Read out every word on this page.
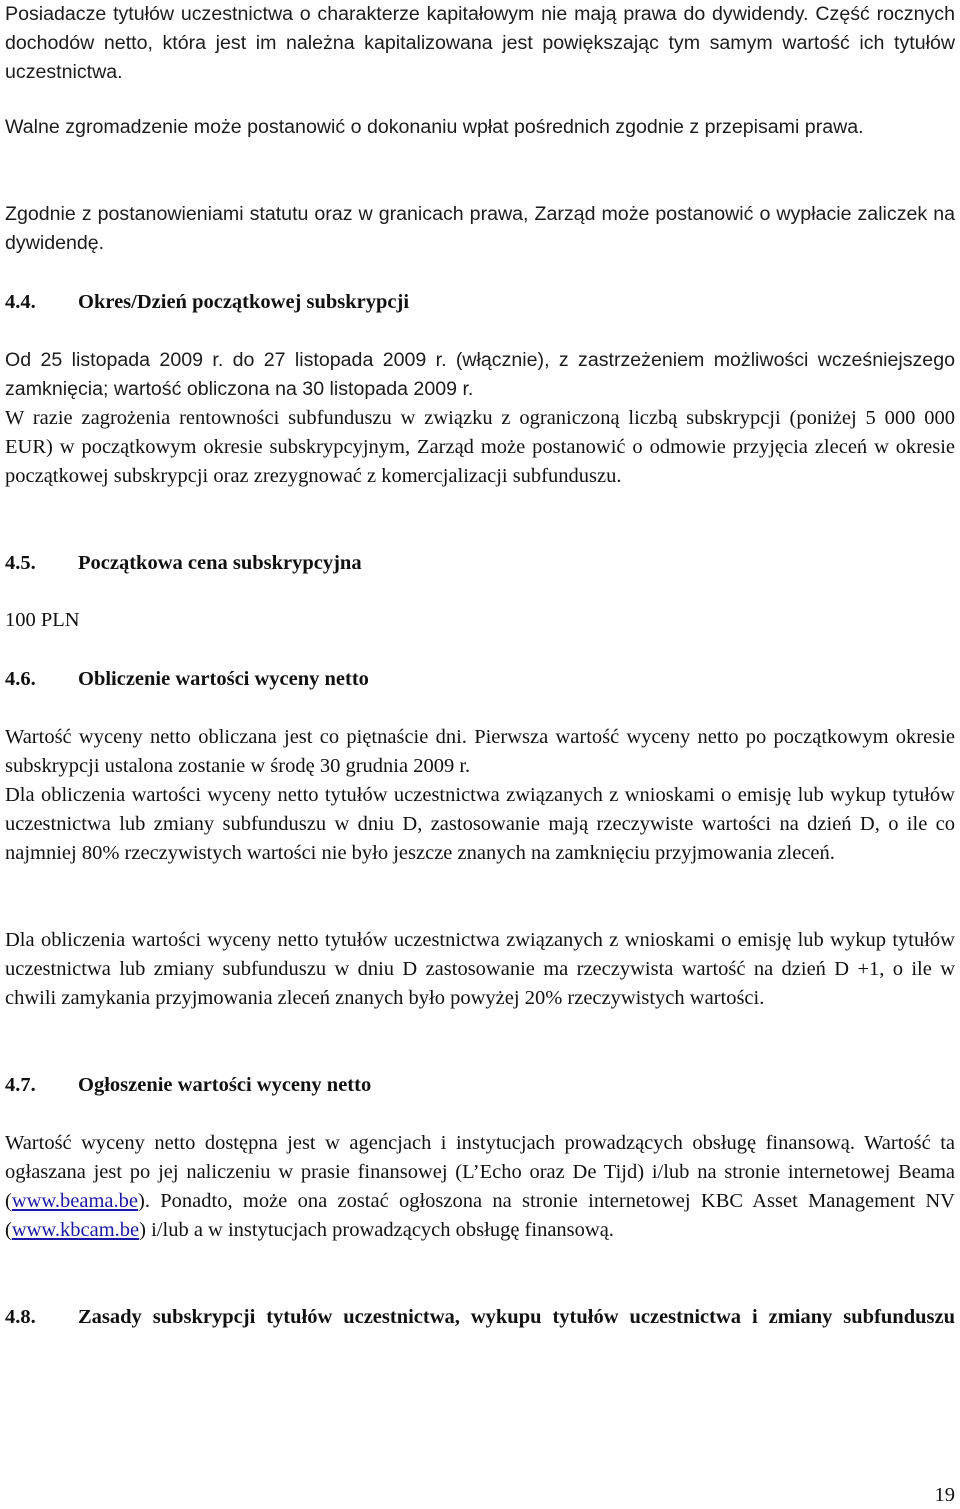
Posiadacze tytułów uczestnictwa o charakterze kapitałowym nie mają prawa do dywidendy. Część rocznych dochodów netto, która jest im należna kapitalizowana jest powiększając tym samym wartość ich tytułów uczestnictwa.

Walne zgromadzenie może postanowić o dokonaniu wpłat pośrednich zgodnie z przepisami prawa.

Zgodnie z postanowieniami statutu oraz w granicach prawa, Zarząd może postanowić o wypłacie zaliczek na dywidendę.

4.4. Okres/Dzień początkowej subskrypcji

Od 25 listopada 2009 r. do 27 listopada 2009 r. (włącznie), z zastrzeżeniem możliwości wcześniejszego zamknięcia; wartość obliczona na 30 listopada 2009 r.

W razie zagrożenia rentowności subfunduszu w związku z ograniczoną liczbą subskrypcji (poniżej 5 000 000 EUR) w początkowym okresie subskrypcyjnym, Zarząd może postanowić o odmowie przyjęcia zleceń w okresie początkowej subskrypcji oraz zrezygnować z komercjalizacji subfunduszu.

4.5. Początkowa cena subskrypcyjna

100 PLN

4.6. Obliczenie wartości wyceny netto

Wartość wyceny netto obliczana jest co piętnaście dni. Pierwsza wartość wyceny netto po początkowym okresie subskrypcji ustalona zostanie w środę 30 grudnia 2009 r.

Dla obliczenia wartości wyceny netto tytułów uczestnictwa związanych z wnioskami o emisję lub wykup tytułów uczestnictwa lub zmiany subfunduszu w dniu D, zastosowanie mają rzeczywiste wartości na dzień D, o ile co najmniej 80% rzeczywistych wartości nie było jeszcze znanych na zamknięciu przyjmowania zleceń.

Dla obliczenia wartości wyceny netto tytułów uczestnictwa związanych z wnioskami o emisję lub wykup tytułów uczestnictwa lub zmiany subfunduszu w dniu D zastosowanie ma rzeczywista wartość na dzień D +1, o ile w chwili zamykania przyjmowania zleceń znanych było powyżej 20% rzeczywistych wartości.

4.7. Ogłoszenie wartości wyceny netto

Wartość wyceny netto dostępna jest w agencjach i instytucjach prowadzących obsługę finansową. Wartość ta ogłaszana jest po jej naliczeniu w prasie finansowej (L’Echo oraz De Tijd) i/lub na stronie internetowej Beama (www.beama.be). Ponadto, może ona zostać ogłoszona na stronie internetowej KBC Asset Management NV (www.kbcam.be) i/lub a w instytucjach prowadzących obsługę finansową.

4.8.	Zasady subskrypcji tytułów uczestnictwa, wykupu tytułów uczestnictwa i zmiany subfunduszu
19
